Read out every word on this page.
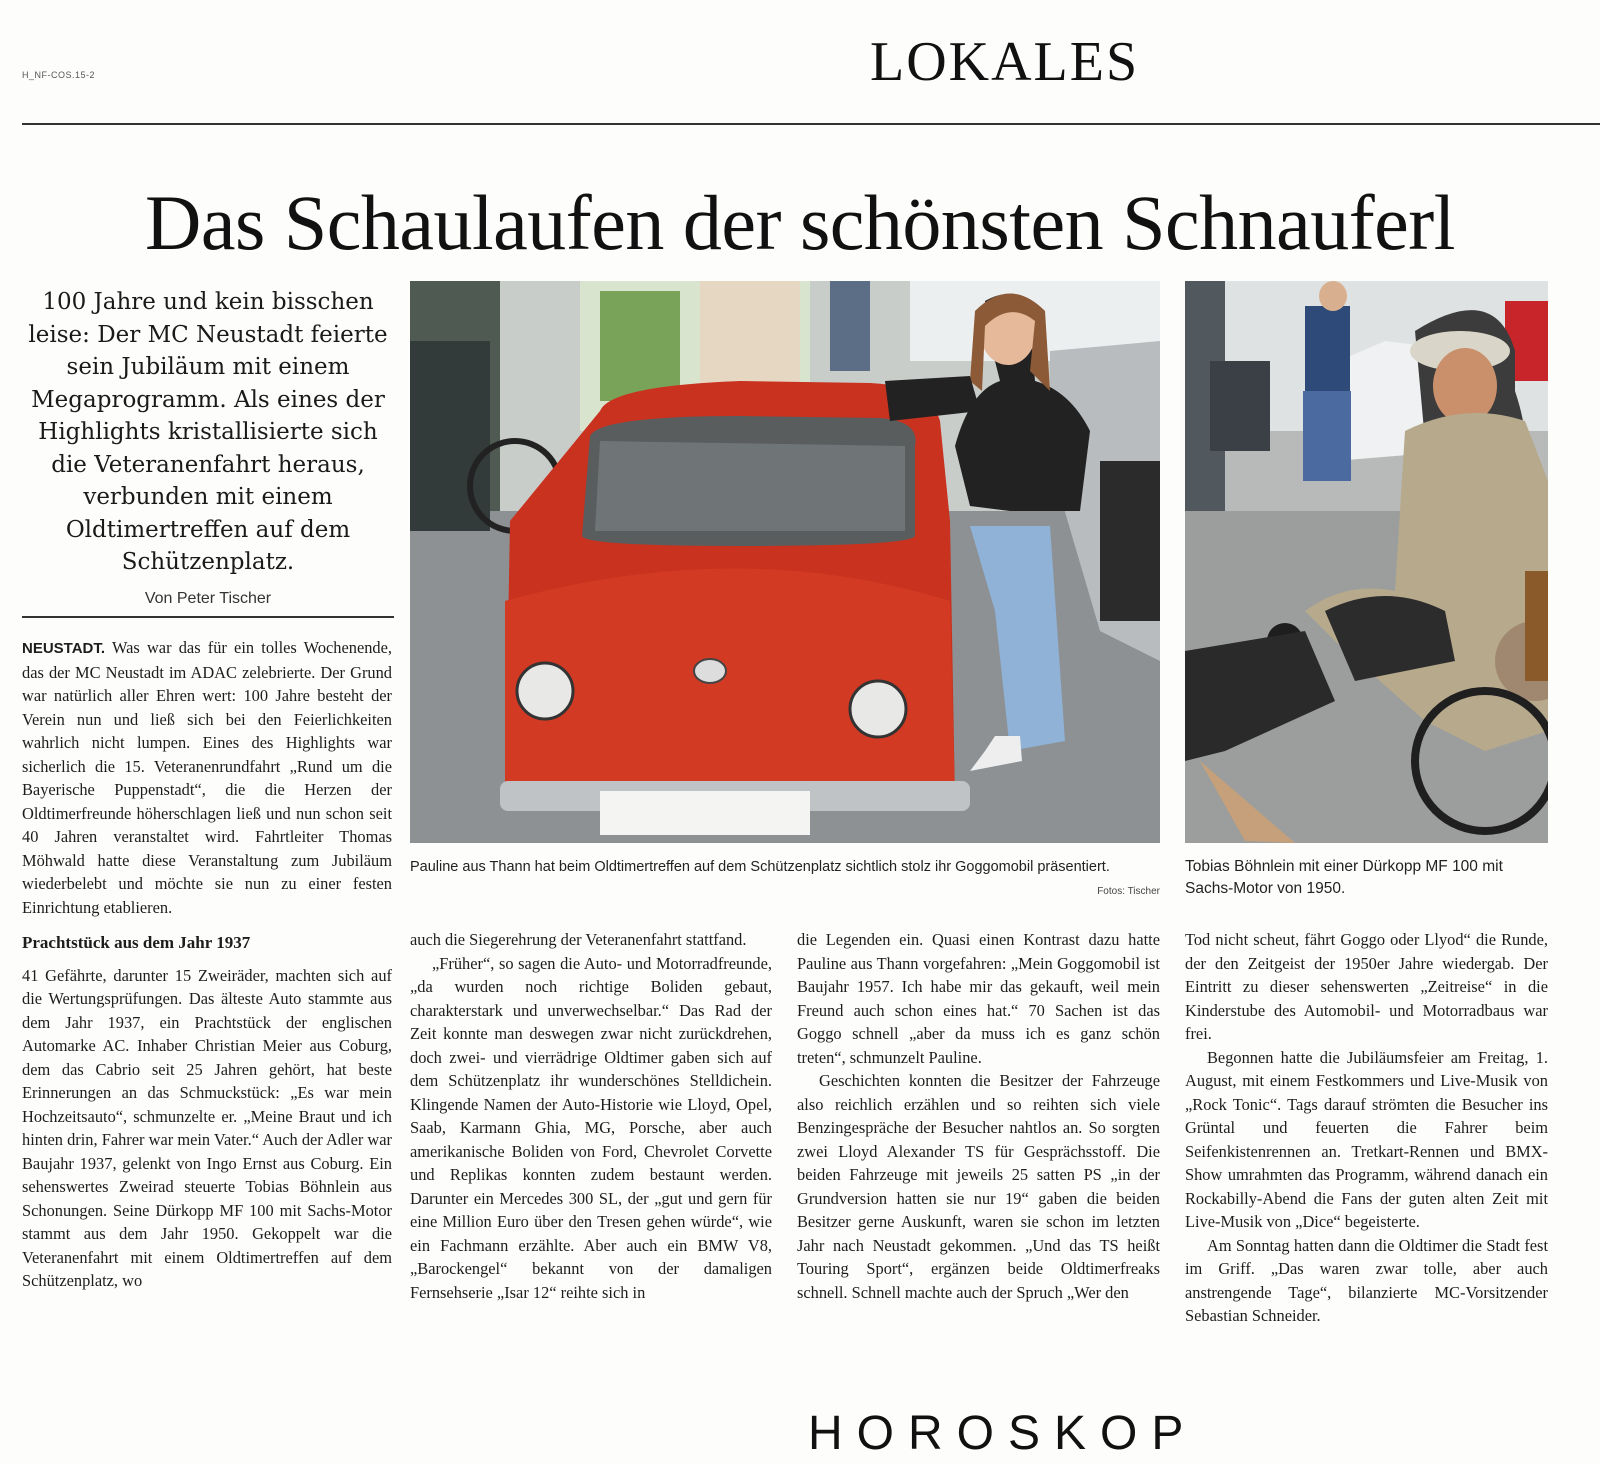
H_NF-COS.15-2	LOKALES
Das Schaulaufen der schönsten Schnauferl
100 Jahre und kein bisschen leise: Der MC Neustadt feierte sein Jubiläum mit einem Megaprogramm. Als eines der Highlights kristallisierte sich die Veteranenfahrt heraus, verbunden mit einem Oldtimertreffen auf dem Schützenplatz.
Von Peter Tischer
Pauline aus Thann hat beim Oldtimertreffen auf dem Schützenplatz sichtlich stolz ihr Goggomobil präsentiert.
Fotos: Tischer
Tobias Böhnlein mit einer Dürkopp MF 100 mit Sachs-Motor von 1950.

NEUSTADT. Was war das für ein tolles Wochenende, das der MC Neustadt im ADAC zelebrierte. Der Grund war natürlich aller Ehren wert: 100 Jahre besteht der Verein nun und ließ sich bei den Feierlichkeiten wahrlich nicht lumpen. Eines des Highlights war sicherlich die 15. Veteranenrundfahrt „Rund um die Bayerische Puppenstadt“, die die Herzen der Oldtimerfreunde höherschlagen ließ und nun schon seit 40 Jahren veranstaltet wird. Fahrtleiter Thomas Möhwald hatte diese Veranstaltung zum Jubiläum wiederbelebt und möchte sie nun zu einer festen Einrichtung etablieren.

Prachtstück aus dem Jahr 1937

41 Gefährte, darunter 15 Zweiräder, machten sich auf die Wertungsprüfungen. Das älteste Auto stammte aus dem Jahr 1937, ein Prachtstück der englischen Automarke AC. Inhaber Christian Meier aus Coburg, dem das Cabrio seit 25 Jahren gehört, hat beste Erinnerungen an das Schmuckstück: „Es war mein Hochzeitsauto“, schmunzelte er. „Meine Braut und ich hinten drin, Fahrer war mein Vater.“ Auch der Adler war Baujahr 1937, gelenkt von Ingo Ernst aus Coburg. Ein sehenswertes Zweirad steuerte Tobias Böhnlein aus Schonungen. Seine Dürkopp MF 100 mit Sachs-Motor stammt aus dem Jahr 1950. Gekoppelt war die Veteranenfahrt mit einem Oldtimertreffen auf dem Schützenplatz, wo

auch die Siegerehrung der Veteranenfahrt stattfand.

„Früher“, so sagen die Auto- und Motorradfreunde, „da wurden noch richtige Boliden gebaut, charakterstark und unverwechselbar.“ Das Rad der Zeit konnte man deswegen zwar nicht zurückdrehen, doch zwei- und vierrädrige Oldtimer gaben sich auf dem Schützenplatz ihr wunderschönes Stelldichein. Klingende Namen der Auto-Historie wie Lloyd, Opel, Saab, Karmann Ghia, MG, Porsche, aber auch amerikanische Boliden von Ford, Chevrolet Corvette und Replikas konnten zudem bestaunt werden. Darunter ein Mercedes 300 SL, der „gut und gern für eine Million Euro über den Tresen gehen würde“, wie ein Fachmann erzählte. Aber auch ein BMW V8, „Barockengel“ bekannt von der damaligen Fernsehserie „Isar 12“ reihte sich in

die Legenden ein. Quasi einen Kontrast dazu hatte Pauline aus Thann vorgefahren: „Mein Goggomobil ist Baujahr 1957. Ich habe mir das gekauft, weil mein Freund auch schon eines hat.“ 70 Sachen ist das Goggo schnell „aber da muss ich es ganz schön treten“, schmunzelt Pauline.

Geschichten konnten die Besitzer der Fahrzeuge also reichlich erzählen und so reihten sich viele Benzingespräche der Besucher nahtlos an. So sorgten zwei Lloyd Alexander TS für Gesprächsstoff. Die beiden Fahrzeuge mit jeweils 25 satten PS „in der Grundversion hatten sie nur 19“ gaben die beiden Besitzer gerne Auskunft, waren sie schon im letzten Jahr nach Neustadt gekommen. „Und das TS heißt Touring Sport“, ergänzen beide Oldtimerfreaks schnell. Schnell machte auch der Spruch „Wer den

Tod nicht scheut, fährt Goggo oder Llyod“ die Runde, der den Zeitgeist der 1950er Jahre wiedergab. Der Eintritt zu dieser sehenswerten „Zeitreise“ in die Kinderstube des Automobil- und Motorradbaus war frei.

Begonnen hatte die Jubiläumsfeier am Freitag, 1. August, mit einem Festkommers und Live-Musik von „Rock Tonic“. Tags darauf strömten die Besucher ins Grüntal und feuerten die Fahrer beim Seifenkistenrennen an. Tretkart-Rennen und BMX-Show umrahmten das Programm, während danach ein Rockabilly-Abend die Fans der guten alten Zeit mit Live-Musik von „Dice“ begeisterte.

Am Sonntag hatten dann die Oldtimer die Stadt fest im Griff. „Das waren zwar tolle, aber auch anstrengende Tage“, bilanzierte MC-Vorsitzender Sebastian Schneider.

HOROSKOP
